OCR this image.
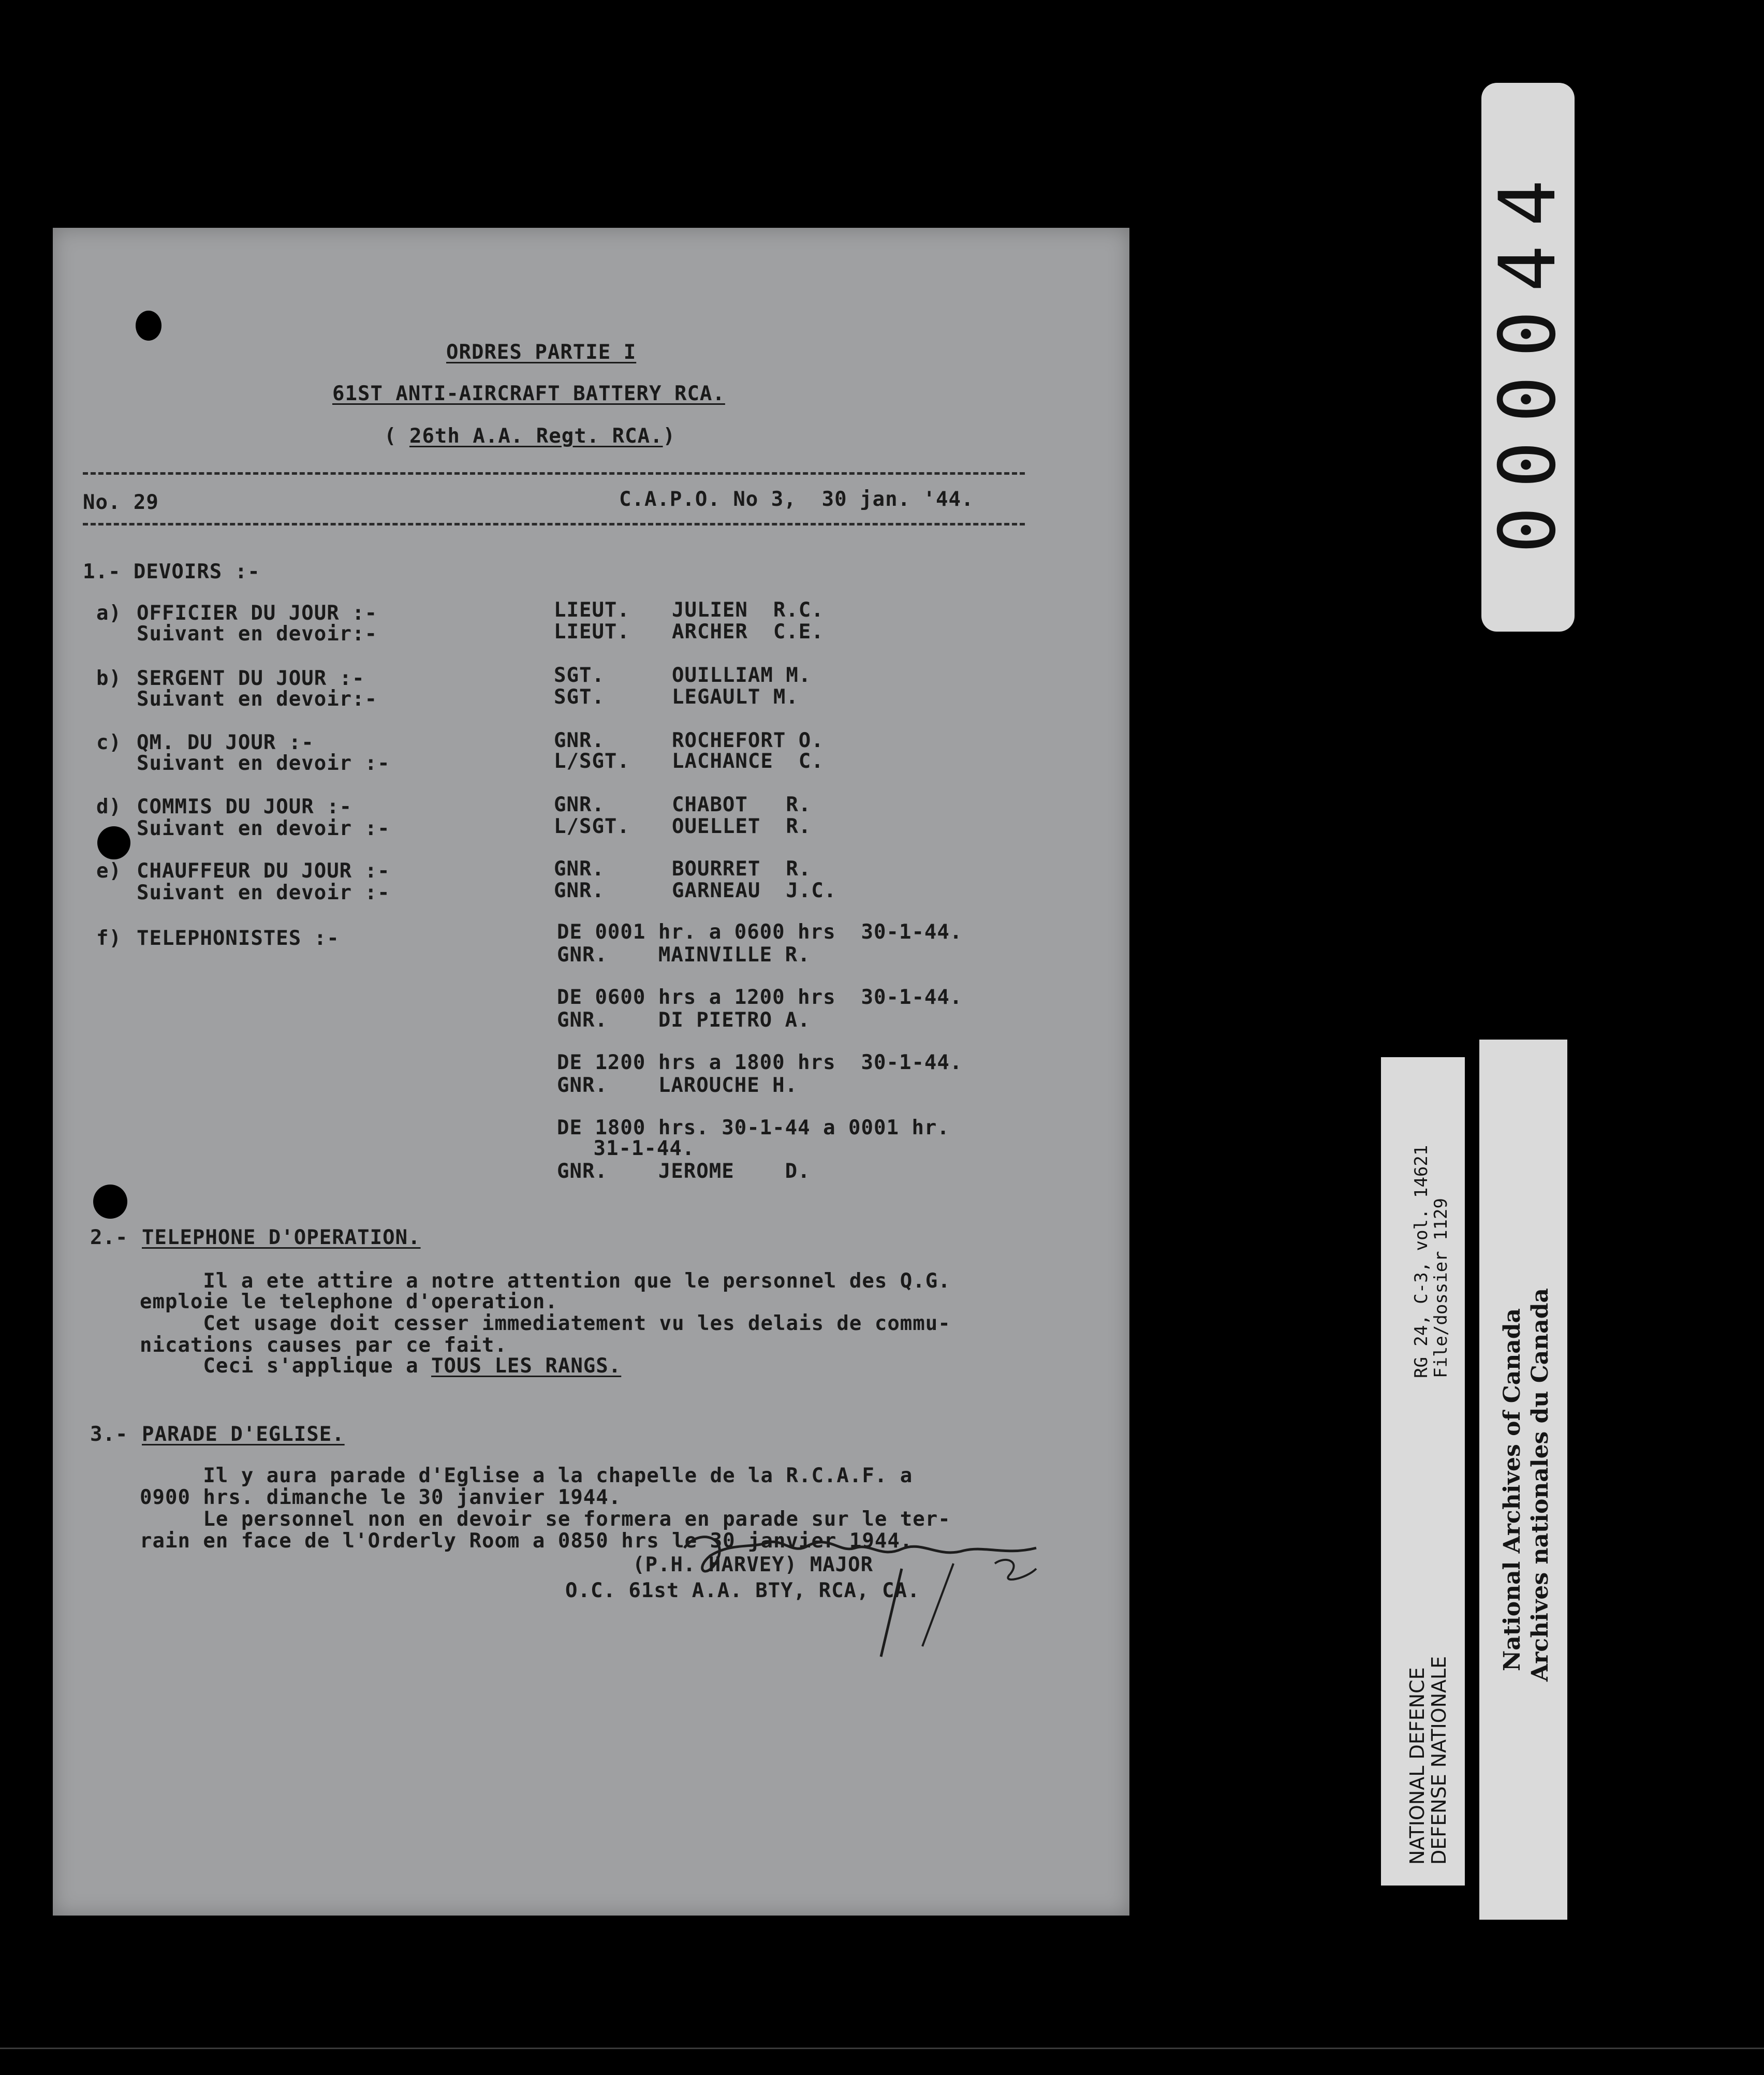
000044
ORDRES PARTIE I
61ST ANTI-AIRCRAFT BATTERY RCA.
( 26th A.A. Regt. RCA.)
No. 29	C.A.P.O. No 3,  30 jan. '44.
1.- DEVOIRS :-
a) OFFICIER DU JOUR :-	LIEUT. JULIEN  R.C.
Suivant en devoir:-	LIEUT. ARCHER  C.E.
b) SERGENT DU JOUR :-	SGT.	OUILLIAM M.
Suivant en devoir:-	SGT.	LEGAULT M.
c) QM. DU JOUR :-	GNR.	ROCHEFORT O.
Suivant en devoir :-	L/SGT. LACHANCE  C.
d) COMMIS DU JOUR :-	GNR.	CHABOT   R.
Suivant en devoir :-	L/SGT. OUELLET  R.
e) CHAUFFEUR DU JOUR :-	GNR.	BOURRET  R.
Suivant en devoir :-	GNR.	GARNEAU  J.C.
f) TELEPHONISTES :-	DE 0001 hr. a 0600 hrs  30-1-44.
GNR.    MAINVILLE R.
DE 0600 hrs a 1200 hrs  30-1-44.
GNR.    DI PIETRO A.
DE 1200 hrs a 1800 hrs  30-1-44.
GNR.    LAROUCHE H.
DE 1800 hrs. 30-1-44 a 0001 hr.
31-1-44.
GNR.    JEROME    D.
2.- TELEPHONE D'OPERATION.
Il a ete attire a notre attention que le personnel des Q.G.
emploie le telephone d'operation.
Cet usage doit cesser immediatement vu les delais de commu-
nications causes par ce fait.
Ceci s'applique a TOUS LES RANGS.
3.- PARADE D'EGLISE.
Il y aura parade d'Eglise a la chapelle de la R.C.A.F. a
0900 hrs. dimanche le 30 janvier 1944.
Le personnel non en devoir se formera en parade sur le ter-
rain en face de l'Orderly Room a 0850 hrs le 30 janvier 1944.
(P.H. HARVEY) MAJOR
O.C. 61st A.A. BTY, RCA, CA.
RG 24, C-3, vol. 14621
File/dossier 1129
NATIONAL DEFENCE
DEFENSE NATIONALE
National Archives of Canada Archives nationales du Canada
